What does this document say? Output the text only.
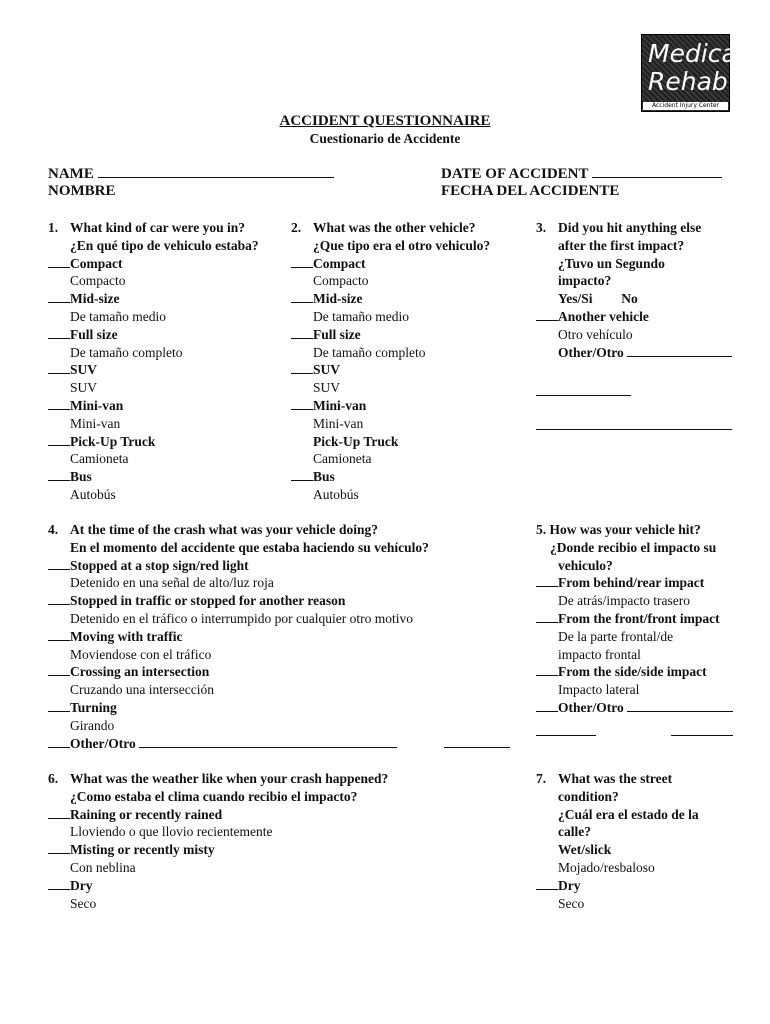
Medical
Rehab
Accident Injury Center
ACCIDENT QUESTIONNAIRE
Cuestionario de Accidente
NAME
NOMBRE
DATE OF ACCIDENT
FECHA DEL ACCIDENTE
1. What kind of car were you in?
¿En qué tipo de vehiculo estaba?
Compact
Compacto
Mid-size
De tamaño medio
Full size
De tamaño completo
SUV
SUV
Mini-van
Mini-van
Pick-Up Truck
Camioneta
Bus
Autobús
2. What was the other vehicle?
¿Que tipo era el otro vehiculo?
Compact
Compacto
Mid-size
De tamaño medio
Full size
De tamaño completo
SUV
SUV
Mini-van
Mini-van
Pick-Up Truck
Camioneta
Bus
Autobús
3. Did you hit anything else
after the first impact?
¿Tuvo un Segundo
impacto?
Yes/Si No
Another vehicle
Otro vehículo
Other/Otro
4. At the time of the crash what was your vehicle doing?
En el momento del accidente que estaba haciendo su vehículo?
Stopped at a stop sign/red light
Detenido en una señal de alto/luz roja
Stopped in traffic or stopped for another reason
Detenido en el tráfico o interrumpido por cualquier otro motivo
Moving with traffic
Moviendose con el tráfico
Crossing an intersection
Cruzando una intersección
Turning
Girando
Other/Otro
5. How was your vehicle hit?
¿Donde recibio el impacto su
vehiculo?
From behind/rear impact
De atrás/impacto trasero
From the front/front impact
De la parte frontal/de
impacto frontal
From the side/side impact
Impacto lateral
Other/Otro

6. What was the weather like when your crash happened?
¿Como estaba el clima cuando recibio el impacto?
Raining or recently rained
Lloviendo o que llovio recientemente
Misting or recently misty
Con neblina
Dry
Seco
7. What was the street
condition?
¿Cuál era el estado de la
calle?
Wet/slick
Mojado/resbaloso
Dry
Seco
